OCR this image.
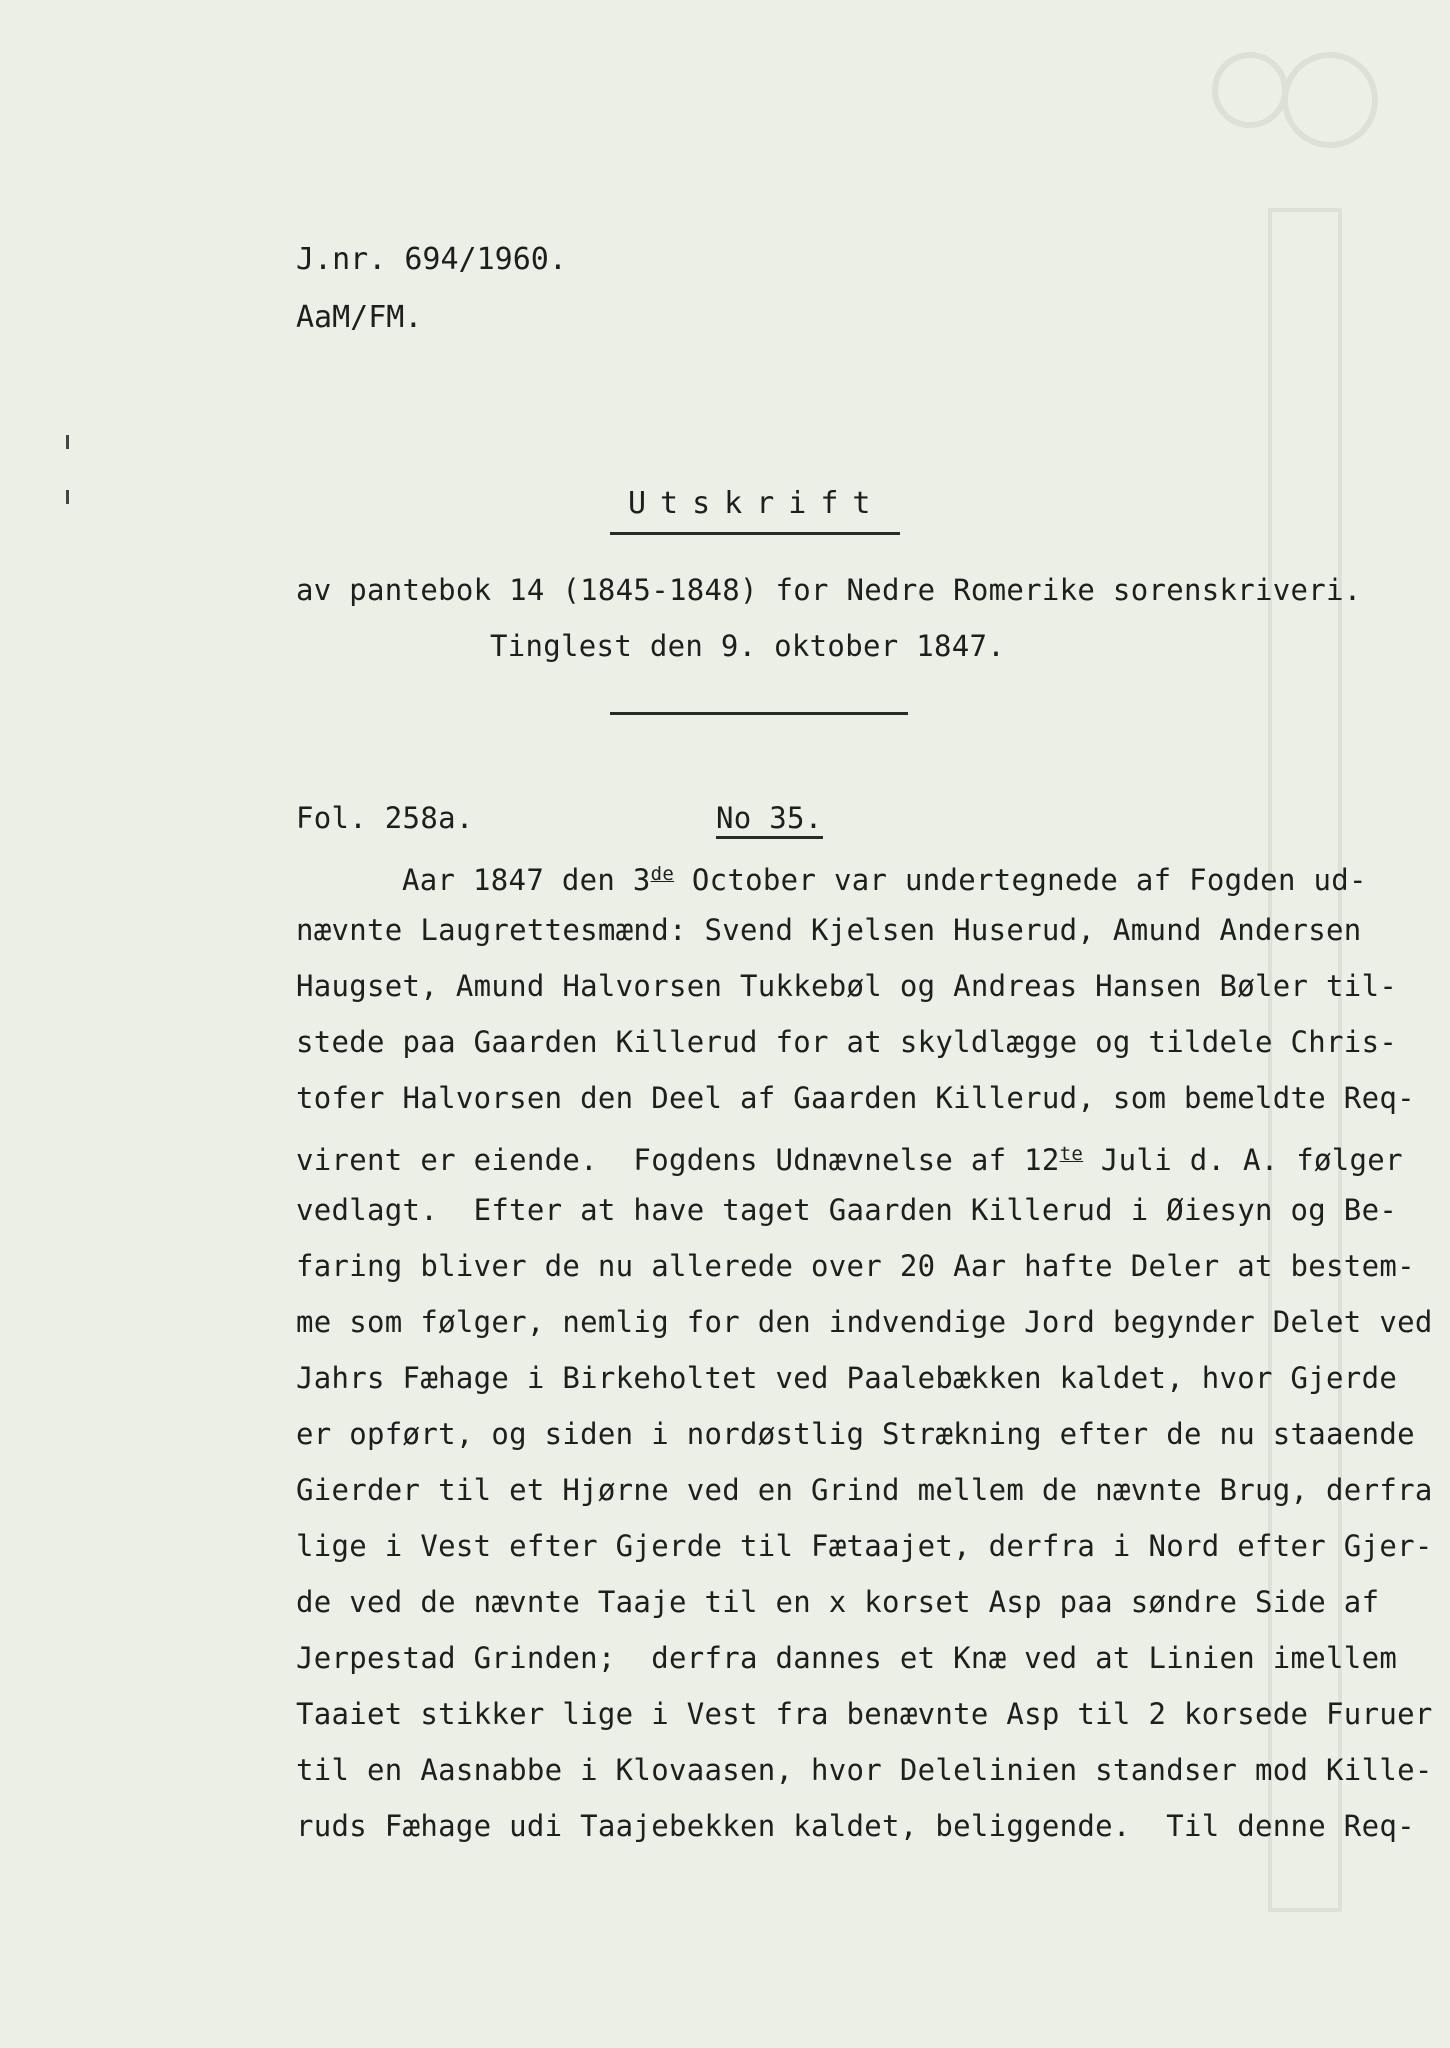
J.nr. 694/1960.
AaM/FM.
Utskrift
av pantebok 14 (1845-1848) for Nedre Romerike sorenskriveri.
Tinglest den 9. oktober 1847.
Fol. 258a.	No 35.
Aar 1847 den 3de October var undertegnede af Fogden ud-
nævnte Laugrettesmænd: Svend Kjelsen Huserud, Amund Andersen
Haugset, Amund Halvorsen Tukkebøl og Andreas Hansen Bøler til-
stede paa Gaarden Killerud for at skyldlægge og tildele Chris-
tofer Halvorsen den Deel af Gaarden Killerud, som bemeldte Req-
virent er eiende.  Fogdens Udnævnelse af $12^{te}$ Juli d. A. følger
vedlagt.  Efter at have taget Gaarden Killerud i Øiesyn og Be-
faring bliver de nu allerede over 20 Aar hafte Deler at bestem-
me som følger, nemlig for den indvendige Jord begynder Delet ved
Jahrs Fæhage i Birkeholtet ved Paalebækken kaldet, hvor Gjerde
er opført, og siden i nordøstlig Strækning efter de nu staaende
Gierder til et Hjørne ved en Grind mellem de nævnte Brug, derfra
lige i Vest efter Gjerde til Fætaajet, derfra i Nord efter Gjer-
de ved de nævnte Taaje til en x korset Asp paa søndre Side af
Jerpestad Grinden;  derfra dannes et Knæ ved at Linien imellem
Taaiet stikker lige i Vest fra benævnte Asp til 2 korsede Furuer
til en Aasnabbe i Klovaasen, hvor Delelinien standser mod Kille-
ruds Fæhage udi Taajebekken kaldet, beliggende.  Til denne Req-
